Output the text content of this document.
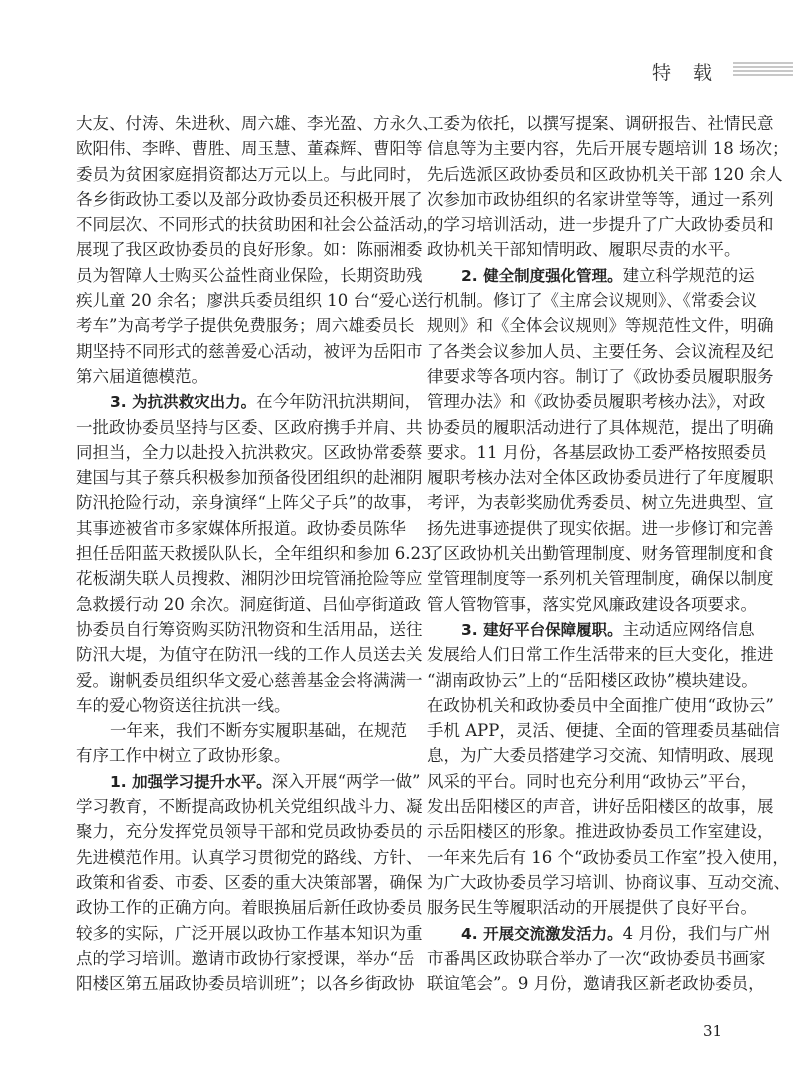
特 载
大友、付涛、朱进秋、周六雄、李光盈、方永久、
欧阳伟、李晔、曹胜、周玉慧、董森辉、曹阳等
委员为贫困家庭捐资都达万元以上。与此同时，
各乡街政协工委以及部分政协委员还积极开展了
不同层次、不同形式的扶贫助困和社会公益活动，
展现了我区政协委员的良好形象。如：陈丽湘委
员为智障人士购买公益性商业保险，长期资助残
疾儿童 20 余名；廖洪兵委员组织 10 台“爱心送
考车”为高考学子提供免费服务；周六雄委员长
期坚持不同形式的慈善爱心活动，被评为岳阳市
第六届道德模范。
3. 为抗洪救灾出力。在今年防汛抗洪期间，
一批政协委员坚持与区委、区政府携手并肩、共
同担当，全力以赴投入抗洪救灾。区政协常委蔡
建国与其子蔡兵积极参加预备役团组织的赴湘阴
防汛抢险行动，亲身演绎“上阵父子兵”的故事，
其事迹被省市多家媒体所报道。政协委员陈华
担任岳阳蓝天救援队队长，全年组织和参加 6.23
花板湖失联人员搜救、湘阴沙田垸管涌抢险等应
急救援行动 20 余次。洞庭街道、吕仙亭街道政
协委员自行筹资购买防汛物资和生活用品，送往
防汛大堤，为值守在防汛一线的工作人员送去关
爱。谢帆委员组织华文爱心慈善基金会将满满一
车的爱心物资送往抗洪一线。
一年来，我们不断夯实履职基础，在规范
有序工作中树立了政协形象。
1. 加强学习提升水平。深入开展“两学一做”
学习教育，不断提高政协机关党组织战斗力、凝
聚力，充分发挥党员领导干部和党员政协委员的
先进模范作用。认真学习贯彻党的路线、方针、
政策和省委、市委、区委的重大决策部署，确保
政协工作的正确方向。着眼换届后新任政协委员
较多的实际，广泛开展以政协工作基本知识为重
点的学习培训。邀请市政协行家授课，举办“岳
阳楼区第五届政协委员培训班”；以各乡街政协
工委为依托，以撰写提案、调研报告、社情民意
信息等为主要内容，先后开展专题培训 18 场次；
先后选派区政协委员和区政协机关干部 120 余人
次参加市政协组织的名家讲堂等等，通过一系列
的学习培训活动，进一步提升了广大政协委员和
政协机关干部知情明政、履职尽责的水平。
2. 健全制度强化管理。建立科学规范的运
行机制。修订了《主席会议规则》、《常委会议
规则》和《全体会议规则》等规范性文件，明确
了各类会议参加人员、主要任务、会议流程及纪
律要求等各项内容。制订了《政协委员履职服务
管理办法》和《政协委员履职考核办法》，对政
协委员的履职活动进行了具体规范，提出了明确
要求。11 月份，各基层政协工委严格按照委员
履职考核办法对全体区政协委员进行了年度履职
考评，为表彰奖励优秀委员、树立先进典型、宣
扬先进事迹提供了现实依据。进一步修订和完善
了区政协机关出勤管理制度、财务管理制度和食
堂管理制度等一系列机关管理制度，确保以制度
管人管物管事，落实党风廉政建设各项要求。
3. 建好平台保障履职。主动适应网络信息
发展给人们日常工作生活带来的巨大变化，推进
“湖南政协云”上的“岳阳楼区政协”模块建设。
在政协机关和政协委员中全面推广使用“政协云”
手机 APP，灵活、便捷、全面的管理委员基础信
息，为广大委员搭建学习交流、知情明政、展现
风采的平台。同时也充分利用“政协云”平台，
发出岳阳楼区的声音，讲好岳阳楼区的故事，展
示岳阳楼区的形象。推进政协委员工作室建设，
一年来先后有 16 个“政协委员工作室”投入使用，
为广大政协委员学习培训、协商议事、互动交流、
服务民生等履职活动的开展提供了良好平台。
4. 开展交流激发活力。4 月份，我们与广州
市番禺区政协联合举办了一次“政协委员书画家
联谊笔会”。9 月份，邀请我区新老政协委员，
31
